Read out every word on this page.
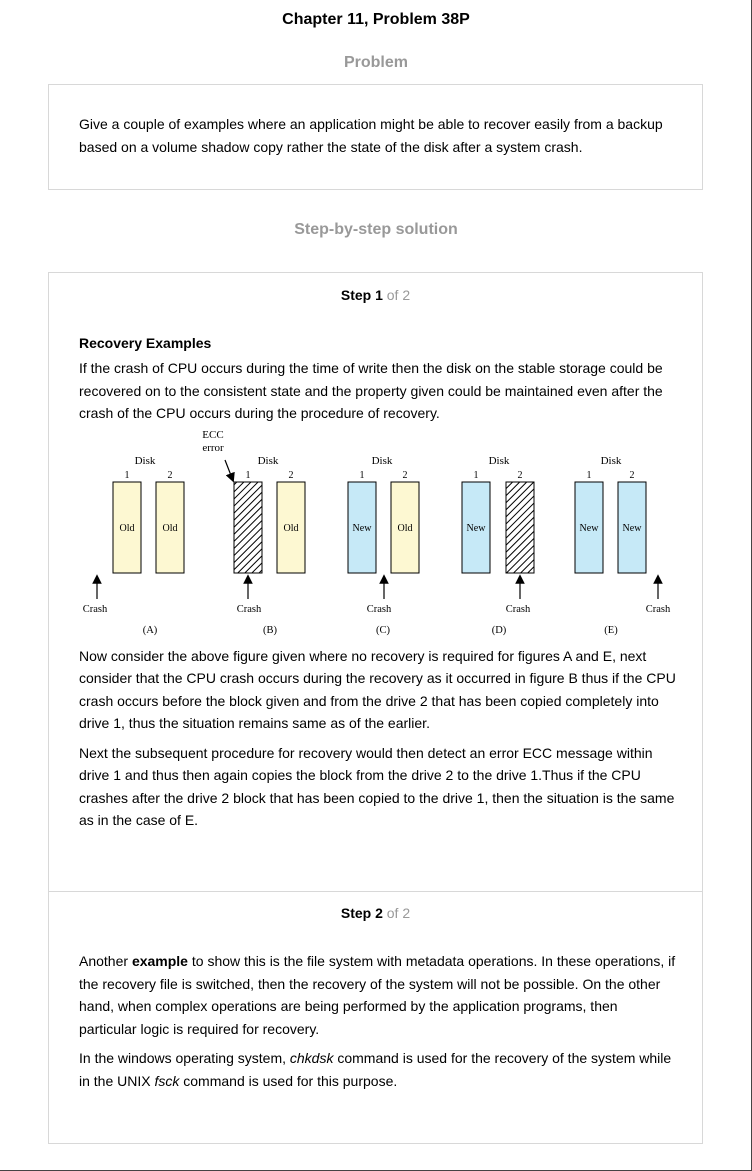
Chapter 11, Problem 38P
Problem

Give a couple of examples where an application might be able to recover easily from a backup based on a volume shadow copy rather the state of the disk after a system crash.

Step-by-step solution
Step 1 of 2
Recovery Examples

If the crash of CPU occurs during the time of write then the disk on the stable storage could be recovered on to the consistent state and the property given could be maintained even after the crash of the CPU occurs during the procedure of recovery.

ECC
error
Disk
1	2
Old	Old
Crash
(A)
Disk
1	2
Old
Crash
(B)
Disk
1	2
New	Old
Crash
(C)
Disk
1	2
New
Crash
(D)
Disk
1	2
New New
Crash
(E)

Now consider the above figure given where no recovery is required for figures A and E, next consider that the CPU crash occurs during the recovery as it occurred in figure B thus if the CPU crash occurs before the block given and from the drive 2 that has been copied completely into drive 1, thus the situation remains same as of the earlier.

Next the subsequent procedure for recovery would then detect an error ECC message within drive 1 and thus then again copies the block from the drive 2 to the drive 1.Thus if the CPU crashes after the drive 2 block that has been copied to the drive 1, then the situation is the same as in the case of E.

Step 2 of 2

Another example to show this is the file system with metadata operations. In these operations, if the recovery file is switched, then the recovery of the system will not be possible. On the other hand, when complex operations are being performed by the application programs, then particular logic is required for recovery.

In the windows operating system, chkdsk command is used for the recovery of the system while in the UNIX fsck command is used for this purpose.
